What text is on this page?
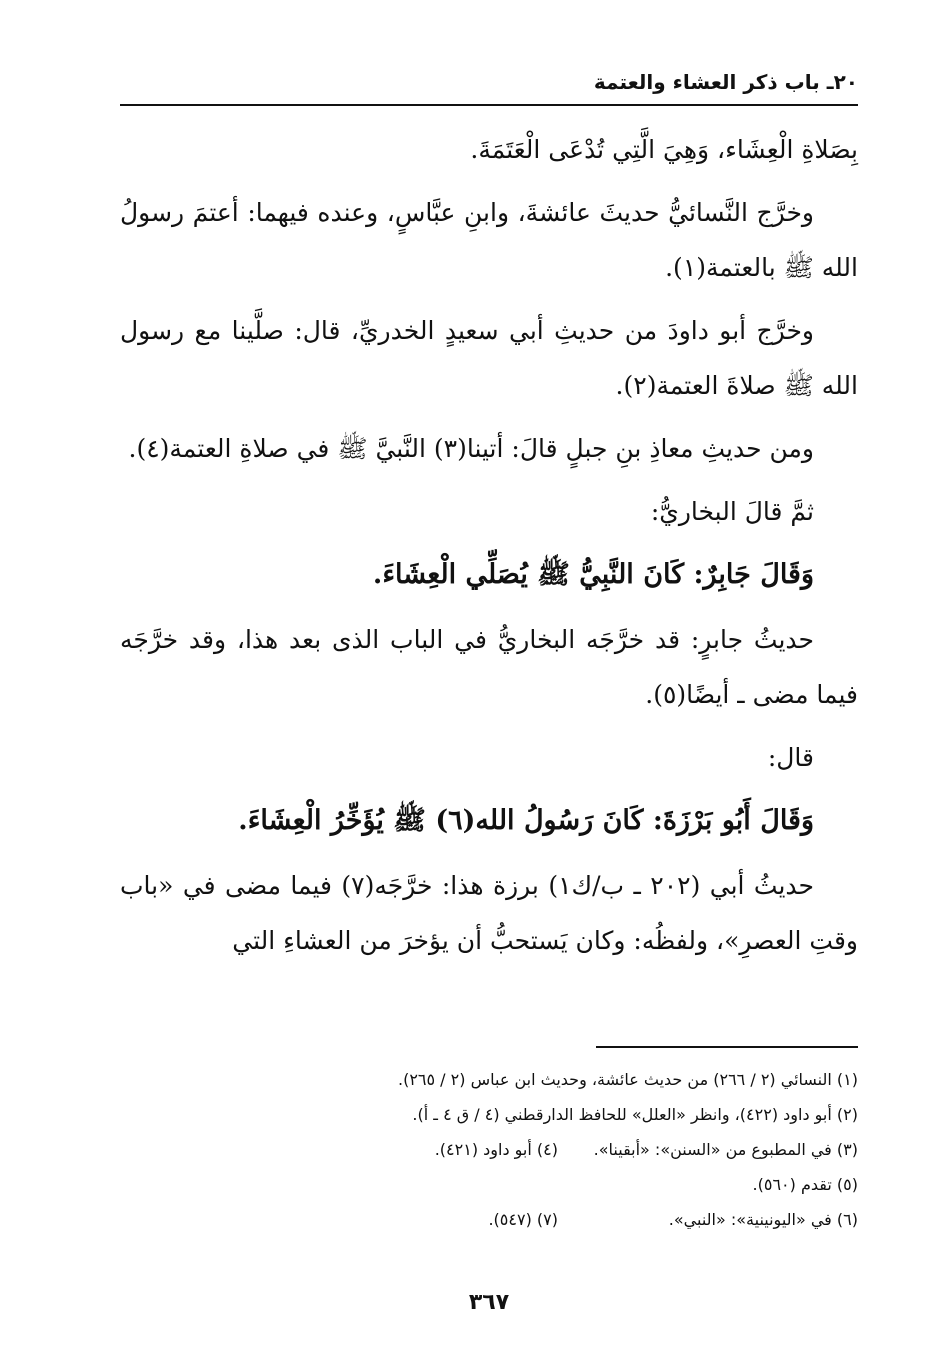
٢٠ـ باب ذكر العشاء والعتمة

بِصَلاةِ الْعِشَاء، وَهِيَ الَّتِي تُدْعَى الْعَتَمَةَ.

وخرَّج النَّسائيُّ حديثَ عائشةَ، وابنِ عبَّاسٍ، وعنده فيهما: أعتمَ رسولُ الله ﷺ بالعتمة(١).

وخرَّج أبو داودَ من حديثِ أبي سعيدٍ الخدريِّ، قال: صلَّينا مع رسول الله ﷺ صلاةَ العتمة(٢).

ومن حديثِ معاذِ بنِ جبلٍ قالَ: أتينا(٣) النَّبيَّ ﷺ في صلاةِ العتمة(٤).

ثمَّ قالَ البخاريُّ:

وَقَالَ جَابِرٌ: كَانَ النَّبِيُّ ﷺ يُصَلِّي الْعِشَاءَ.

حديثُ جابرٍ: قد خرَّجَه البخاريُّ في الباب الذى بعد هذا، وقد خرَّجَه فيما مضى ـ أيضًا(٥).

قال:

وَقَالَ أَبُو بَرْزَةَ: كَانَ رَسُولُ الله(٦) ﷺ يُؤَخِّرُ الْعِشَاءَ.

حديثُ أبي (٢٠٢ ـ ب/ك١) برزة هذا: خرَّجَه(٧) فيما مضى في «باب وقتِ العصرِ»، ولفظُه: وكان يَستحبُّ أن يؤخرَ من العشاءِ التي

(١) النسائي (٢ / ٢٦٦) من حديث عائشة، وحديث ابن عباس (٢ / ٢٦٥).
(٢) أبو داود (٤٢٢)، وانظر «العلل» للحافظ الدارقطني (٤ / ق ٤ ـ أ).
(٣) في المطبوع من «السنن»: «أبقينا».
(٤) أبو داود (٤٢١).
(٥) تقدم (٥٦٠).
(٦) في «اليونينية»: «النبي».
(٧) (٥٤٧).
٣٦٧
